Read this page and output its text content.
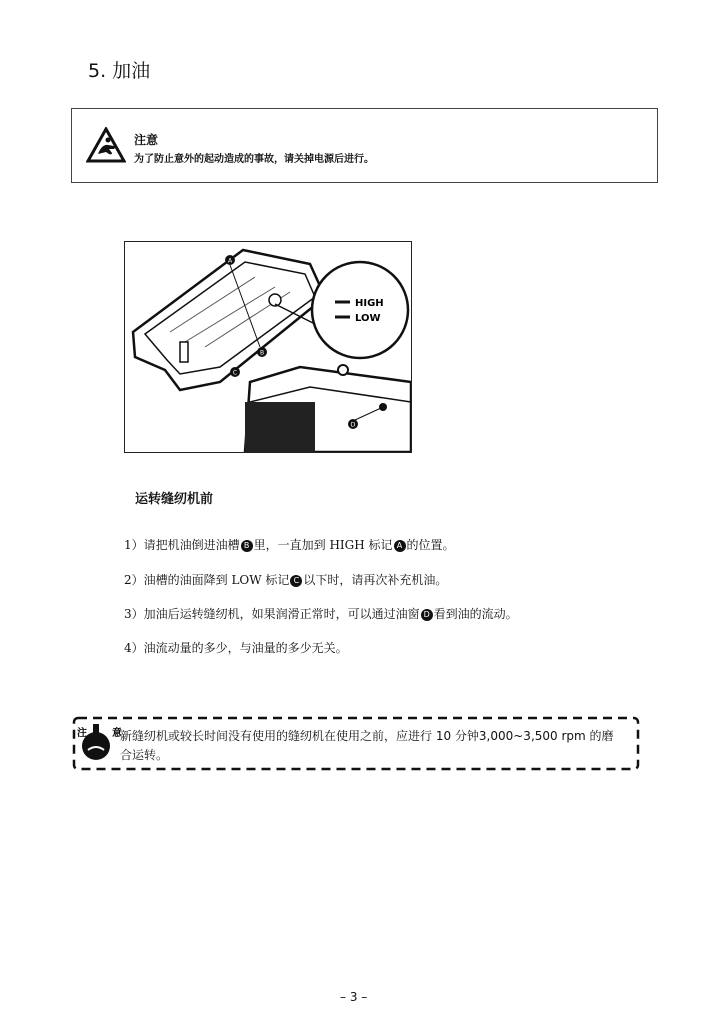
5. 加油
注意
为了防止意外的起动造成的事故，请关掉电源后进行。
HIGH
LOW
A
B
C
D
运转缝纫机前
1）请把机油倒进油槽 B 里，一直加到 HIGH 标记 A 的位置。
2）油槽的油面降到 LOW 标记 C 以下时，请再次补充机油。
3）加油后运转缝纫机，如果润滑正常时，可以通过油窗 D 看到油的流动。
4）油流动量的多少，与油量的多少无关。
注	意
新缝纫机或较长时间没有使用的缝纫机在使用之前，应进行 10 分钟3,000~3,500 rpm 的磨
合运转。
– 3 –
